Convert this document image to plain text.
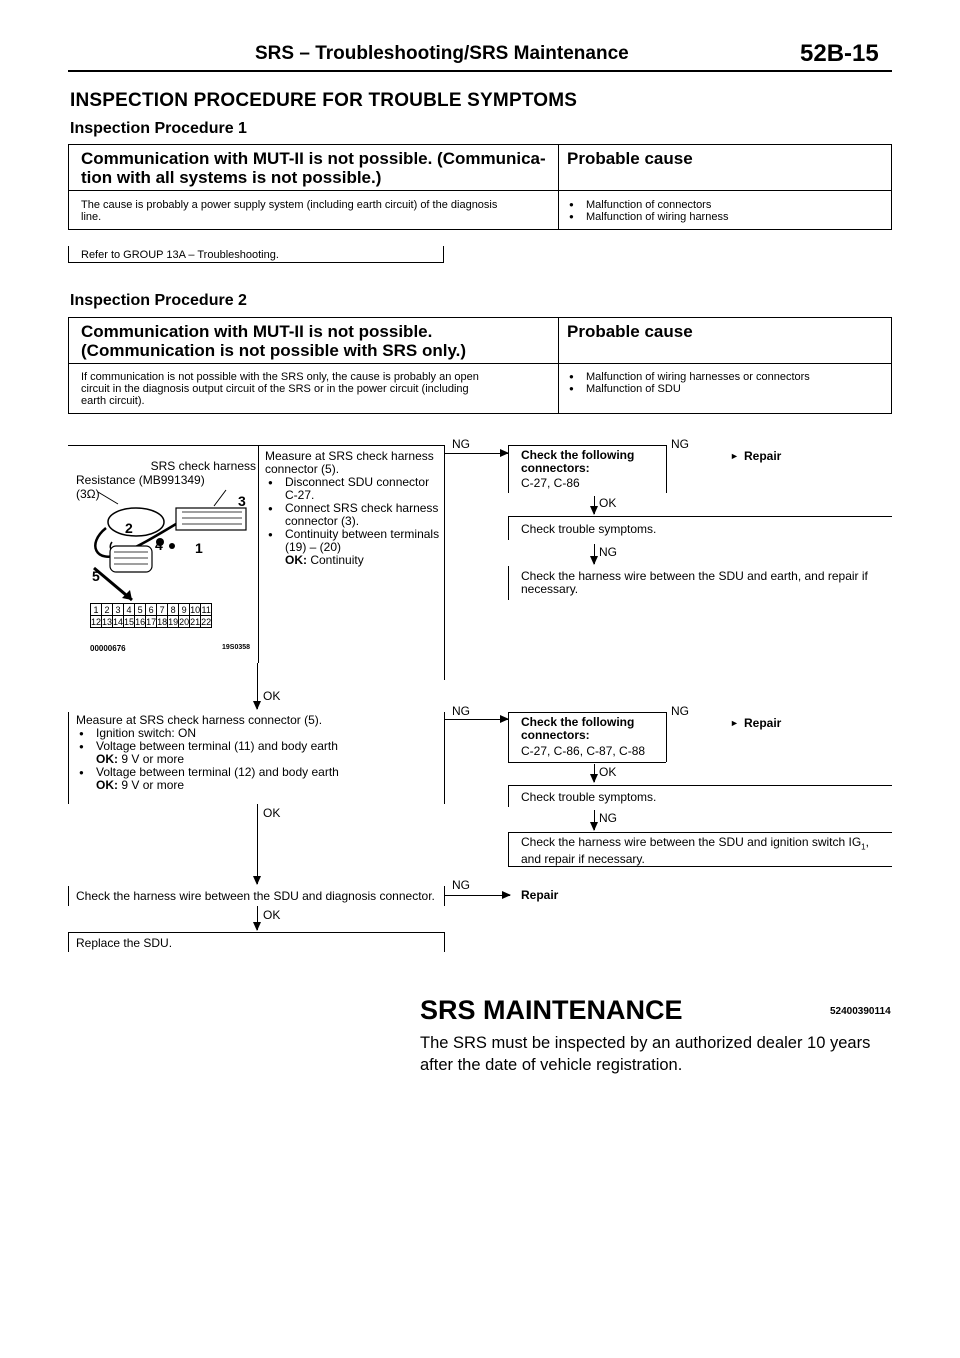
SRS – Troubleshooting/SRS Maintenance	52B-15
INSPECTION PROCEDURE FOR TROUBLE SYMPTOMS
Inspection Procedure 1
Communication with MUT-II is not possible. (Communica-
tion with all systems is not possible.)
Probable cause
The cause is probably a power supply system (including earth circuit) of the diagnosis
line.
● Malfunction of connectors
● Malfunction of wiring harness
Refer to GROUP 13A – Troubleshooting.
Inspection Procedure 2
Communication with MUT-II is not possible.
(Communication is not possible with SRS only.)
Probable cause
If communication is not possible with the SRS only, the cause is probably an open
circuit in the diagnosis output circuit of the SRS or in the power circuit (including
earth circuit).
● Malfunction of wiring harnesses or connectors
● Malfunction of SDU
SRS check harness
Resistance (MB991349)
(3Ω)	3
2
4 1
5
1	2	3	4	5	6	7	8	9	10	11
12	13	14	15	16	17	18	19	20	21	22
00000676	19S0358
Measure at SRS check harness
connector (5).
● Disconnect SDU connector C-27.
● Connect SRS check harness connector (3).
● Continuity between terminals (19) – (20)
OK: Continuity
NG
Check the following connectors:
C-27, C-86
NG
► Repair
OK
Check trouble symptoms.
NG
Check the harness wire between the SDU and earth, and repair if necessary.
OK
Measure at SRS check harness connector (5).
● Ignition switch: ON
● Voltage between terminal (11) and body earth
OK: 9 V or more
● Voltage between terminal (12) and body earth
OK: 9 V or more
NG
Check the following connectors:
C-27, C-86, C-87, C-88
NG
► Repair
OK
Check trouble symptoms.
NG
Check the harness wire between the SDU and ignition switch $IG_1$,
and repair if necessary.
OK
Check the harness wire between the SDU and diagnosis connector.
NG
Repair
OK
Replace the SDU.
SRS MAINTENANCE	52400390114
The SRS must be inspected by an authorized dealer 10 years after the date of vehicle registration.
